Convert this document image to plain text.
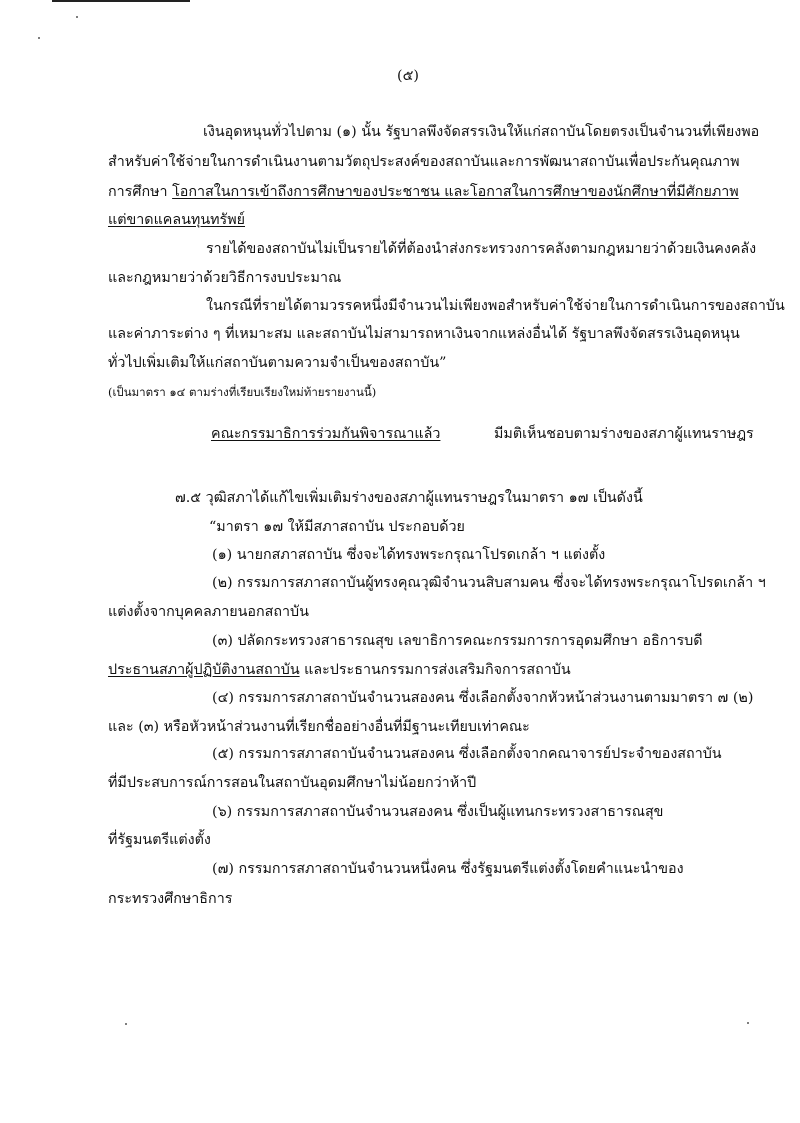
(๕)
เงินอุดหนุนทั่วไปตาม (๑) นั้น รัฐบาลพึงจัดสรรเงินให้แก่สถาบันโดยตรงเป็นจำนวนที่เพียงพอ
สำหรับค่าใช้จ่ายในการดำเนินงานตามวัตถุประสงค์ของสถาบันและการพัฒนาสถาบันเพื่อประกันคุณภาพ
การศึกษา โอกาสในการเข้าถึงการศึกษาของประชาชน และโอกาสในการศึกษาของนักศึกษาที่มีศักยภาพ
แต่ขาดแคลนทุนทรัพย์
รายได้ของสถาบันไม่เป็นรายได้ที่ต้องนำส่งกระทรวงการคลังตามกฎหมายว่าด้วยเงินคงคลัง
และกฎหมายว่าด้วยวิธีการงบประมาณ
ในกรณีที่รายได้ตามวรรคหนึ่งมีจำนวนไม่เพียงพอสำหรับค่าใช้จ่ายในการดำเนินการของสถาบัน
และค่าภาระต่าง ๆ ที่เหมาะสม และสถาบันไม่สามารถหาเงินจากแหล่งอื่นได้ รัฐบาลพึงจัดสรรเงินอุดหนุน
ทั่วไปเพิ่มเติมให้แก่สถาบันตามความจำเป็นของสถาบัน”
(เป็นมาตรา ๑๔ ตามร่างที่เรียบเรียงใหม่ท้ายรายงานนี้)
คณะกรรมาธิการร่วมกันพิจารณาแล้ว	มีมติเห็นชอบตามร่างของสภาผู้แทนราษฎร
๗.๕ วุฒิสภาได้แก้ไขเพิ่มเติมร่างของสภาผู้แทนราษฎรในมาตรา ๑๗ เป็นดังนี้
“มาตรา ๑๗ ให้มีสภาสถาบัน ประกอบด้วย
(๑) นายกสภาสถาบัน ซึ่งจะได้ทรงพระกรุณาโปรดเกล้า ฯ แต่งตั้ง
(๒) กรรมการสภาสถาบันผู้ทรงคุณวุฒิจำนวนสิบสามคน ซึ่งจะได้ทรงพระกรุณาโปรดเกล้า ฯ
แต่งตั้งจากบุคคลภายนอกสถาบัน
(๓) ปลัดกระทรวงสาธารณสุข เลขาธิการคณะกรรมการการอุดมศึกษา อธิการบดี
ประธานสภาผู้ปฏิบัติงานสถาบัน และประธานกรรมการส่งเสริมกิจการสถาบัน
(๔) กรรมการสภาสถาบันจำนวนสองคน ซึ่งเลือกตั้งจากหัวหน้าส่วนงานตามมาตรา ๗ (๒)
และ (๓) หรือหัวหน้าส่วนงานที่เรียกชื่ออย่างอื่นที่มีฐานะเทียบเท่าคณะ
(๕) กรรมการสภาสถาบันจำนวนสองคน ซึ่งเลือกตั้งจากคณาจารย์ประจำของสถาบัน
ที่มีประสบการณ์การสอนในสถาบันอุดมศึกษาไม่น้อยกว่าห้าปี
(๖) กรรมการสภาสถาบันจำนวนสองคน ซึ่งเป็นผู้แทนกระทรวงสาธารณสุข
ที่รัฐมนตรีแต่งตั้ง
(๗) กรรมการสภาสถาบันจำนวนหนึ่งคน ซึ่งรัฐมนตรีแต่งตั้งโดยคำแนะนำของ
กระทรวงศึกษาธิการ
